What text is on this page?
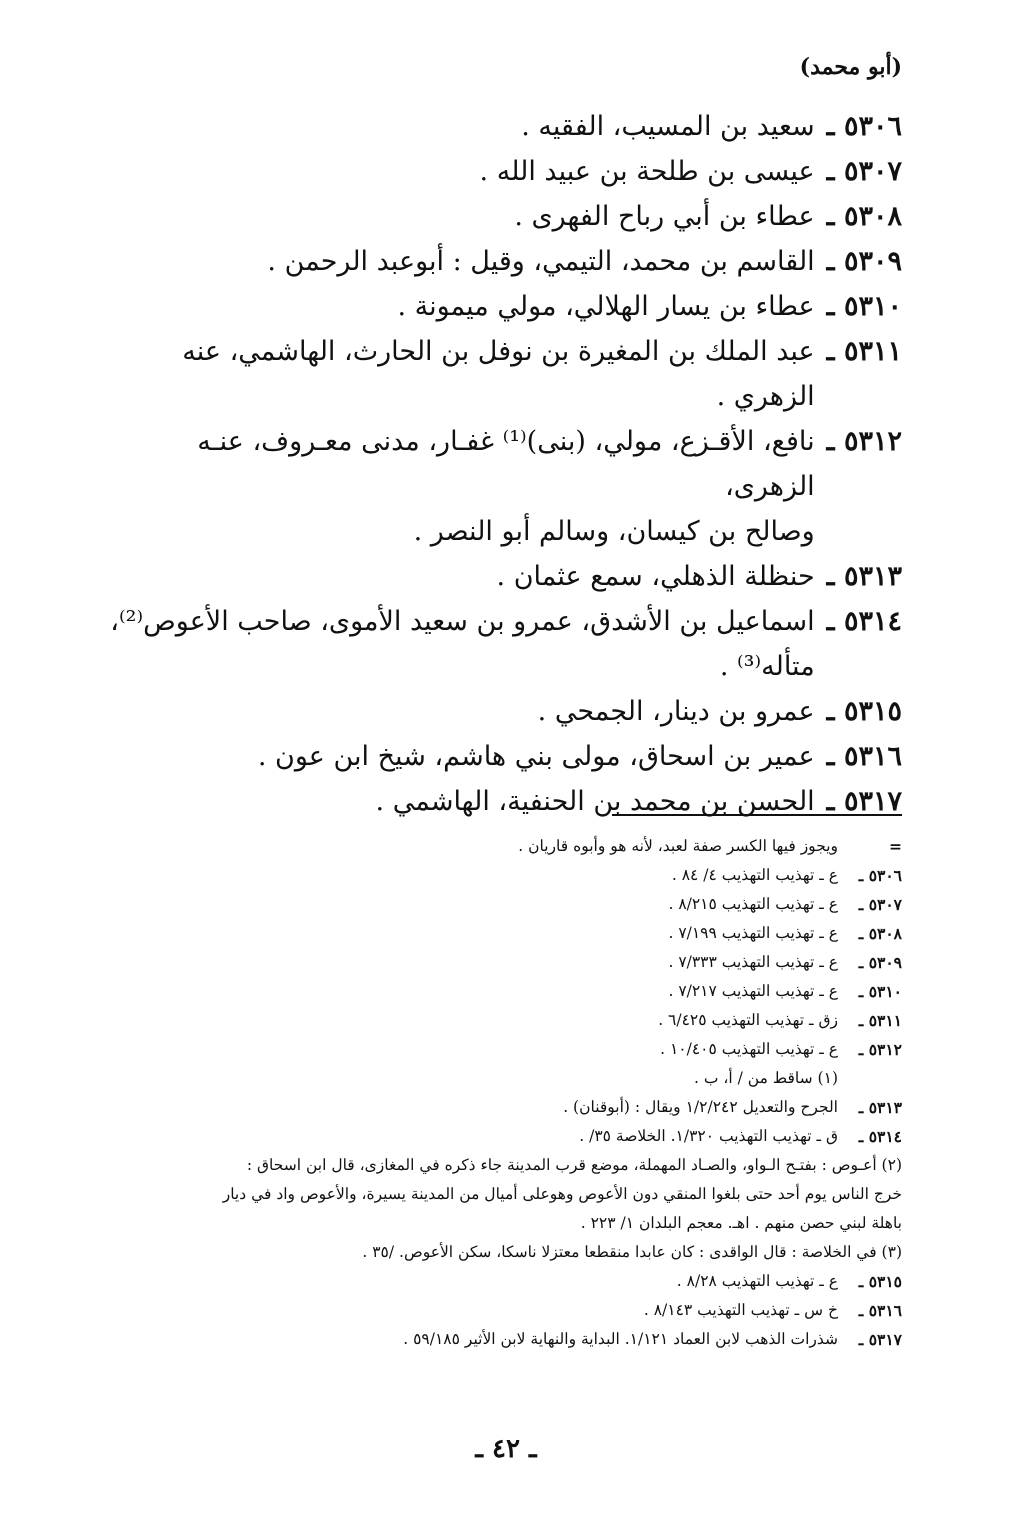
(أبو محمد)
٥٣٠٦ ـ
سعيد بن المسيب، الفقيه .
٥٣٠٧ ـ
عيسى بن طلحة بن عبيد الله .
٥٣٠٨ ـ
عطاء بن أبي رباح الفهرى .
٥٣٠٩ ـ
القاسم بن محمد، التيمي، وقيل : أبوعبد الرحمن .
٥٣١٠ ـ
عطاء بن يسار الهلالي، مولي ميمونة .
٥٣١١ ـ
عبد الملك بن المغيرة بن نوفل بن الحارث، الهاشمي، عنه الزهري .
٥٣١٢ ـ
نافع، الأقـزع، مولي، (بنى)⁽¹⁾ غفـار، مدنى معـروف، عنـه الزهرى،
وصالح بن كيسان، وسالم أبو النصر .
٥٣١٣ ـ
حنظلة الذهلي، سمع عثمان .
٥٣١٤ ـ
اسماعيل بن الأشدق، عمرو بن سعيد الأموى، صاحب الأعوص⁽²⁾،
متأله⁽³⁾ .
٥٣١٥ ـ
عمرو بن دينار، الجمحي .
٥٣١٦ ـ
عمير بن اسحاق، مولى بني هاشم، شيخ ابن عون .
٥٣١٧ ـ
الحسن بن محمد بن الحنفية، الهاشمي .
=
ويجوز فيها الكسر صفة لعبد، لأنه هو وأبوه قاريان .
٥٣٠٦ ـ
ع ـ تهذيب التهذيب ٤/ ٨٤ .
٥٣٠٧ ـ
ع ـ تهذيب التهذيب ٨/٢١٥ .
٥٣٠٨ ـ
ع ـ تهذيب التهذيب ٧/١٩٩ .
٥٣٠٩ ـ
ع ـ تهذيب التهذيب ٧/٣٣٣ .
٥٣١٠ ـ
ع ـ تهذيب التهذيب ٧/٢١٧ .
٥٣١١ ـ
زق ـ تهذيب التهذيب ٦/٤٢٥ .
٥٣١٢ ـ
ع ـ تهذيب التهذيب ١٠/٤٠٥ .
(١) ساقط من / أ، ب .
٥٣١٣ ـ
الجرح والتعديل ١/٢/٢٤٢ ويقال : (أبوقنان) .
٥٣١٤ ـ
ق ـ تهذيب التهذيب ١/٣٢٠. الخلاصة ٣٥/ .
(٢) أعـوص : بفتـح الـواو، والصـاد المهملة، موضع قرب المدينة جاء ذكره في المغازى، قال ابن اسحاق :
خرج الناس يوم أحد حتى بلغوا المنقي دون الأعوص وهوعلى أميال من المدينة يسيرة، والأعوص واد في ديار
باهلة لبني حصن منهم . اهـ. معجم البلدان ١/ ٢٢٣ .
(٣) في الخلاصة : قال الواقدى : كان عابدا منقطعا معتزلا ناسكا، سكن الأعوص. /٣٥ .
٥٣١٥ ـ
ع ـ تهذيب التهذيب ٨/٢٨ .
٥٣١٦ ـ
خ س ـ تهذيب التهذيب ٨/١٤٣ .
٥٣١٧ ـ
شذرات الذهب لابن العماد ١/١٢١. البداية والنهاية لابن الأثير ٥٩/١٨٥ .
ـ ٤٢ ـ
